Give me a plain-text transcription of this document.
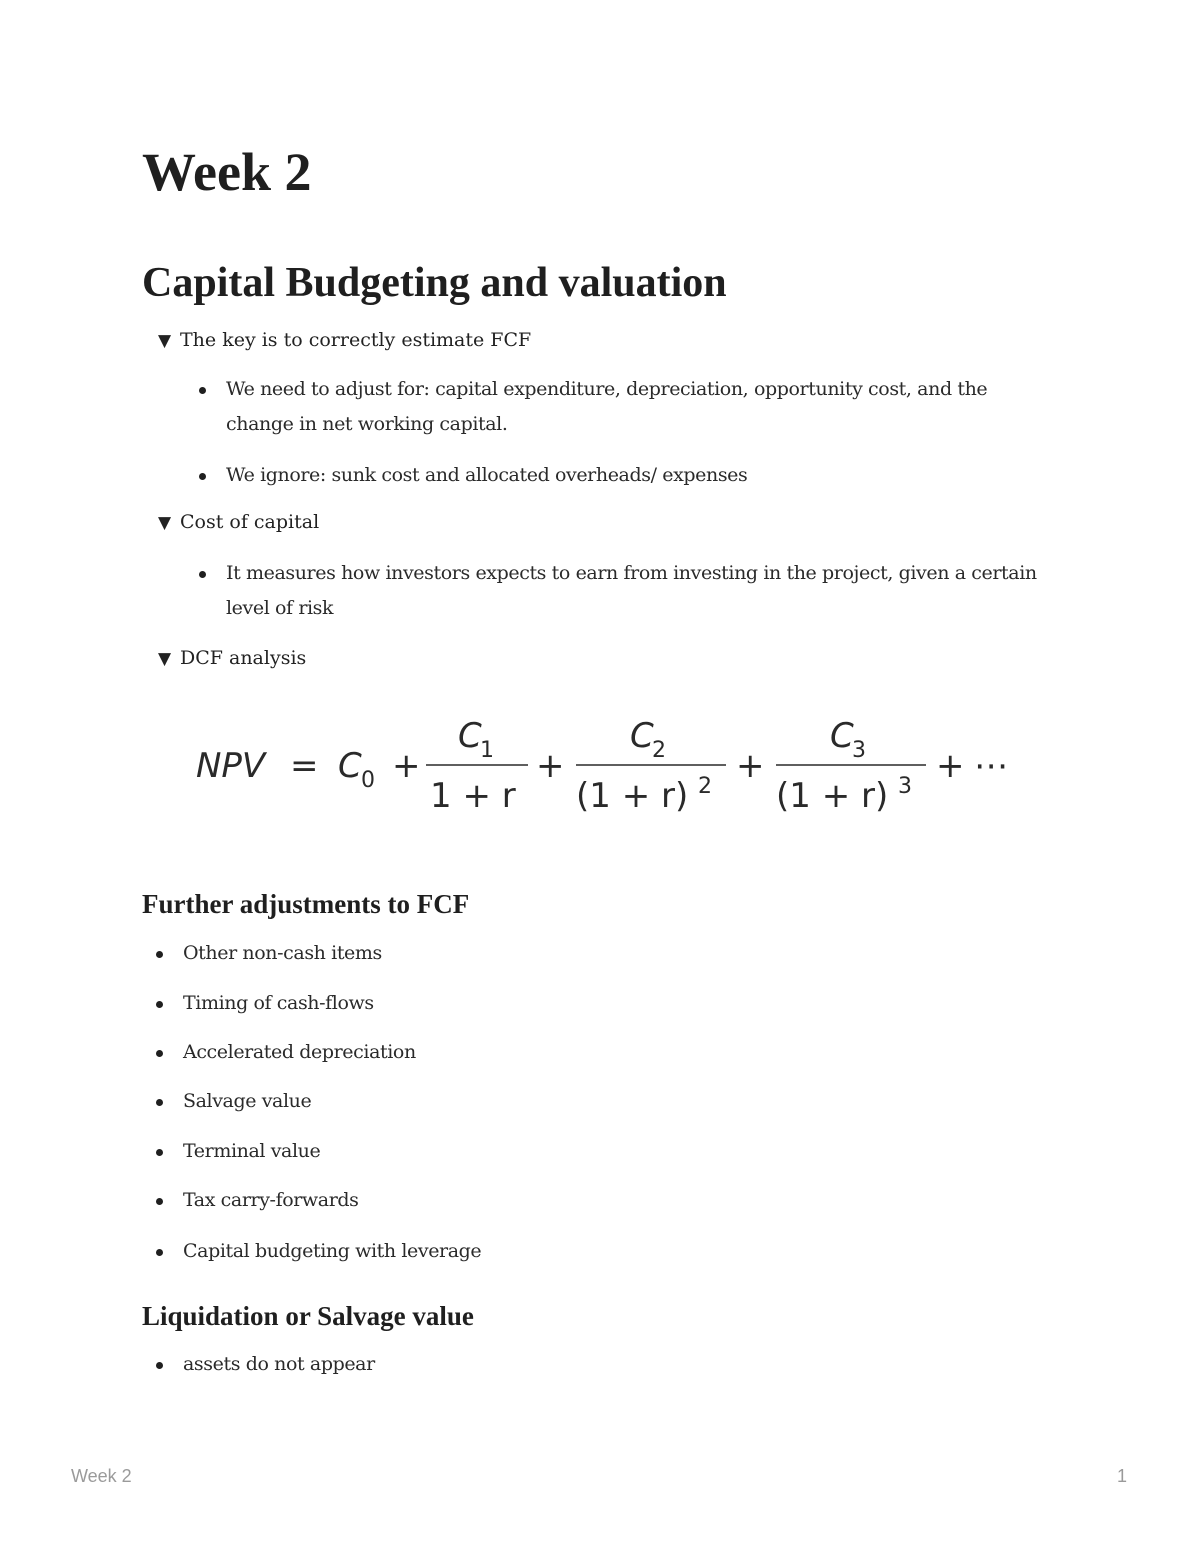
Week 2
Capital Budgeting and valuation
▼ The key is to correctly estimate FCF
We need to adjust for: capital expenditure, depreciation, opportunity cost, and the change in net working capital.
We ignore: sunk cost and allocated overheads/ expenses
▼ Cost of capital
It measures how investors expects to earn from investing in the project, given a certain level of risk
▼ DCF analysis
NPV = C 0 +
C
1
1 + r
+
C
2
(1 + r) 2
+
C
3
(1 + r) 3
+ ⋯
Further adjustments to FCF
Other non-cash items
Timing of cash-flows
Accelerated depreciation
Salvage value
Terminal value
Tax carry-forwards
Capital budgeting with leverage
Liquidation or Salvage value
assets do not appear
Week 2	1
